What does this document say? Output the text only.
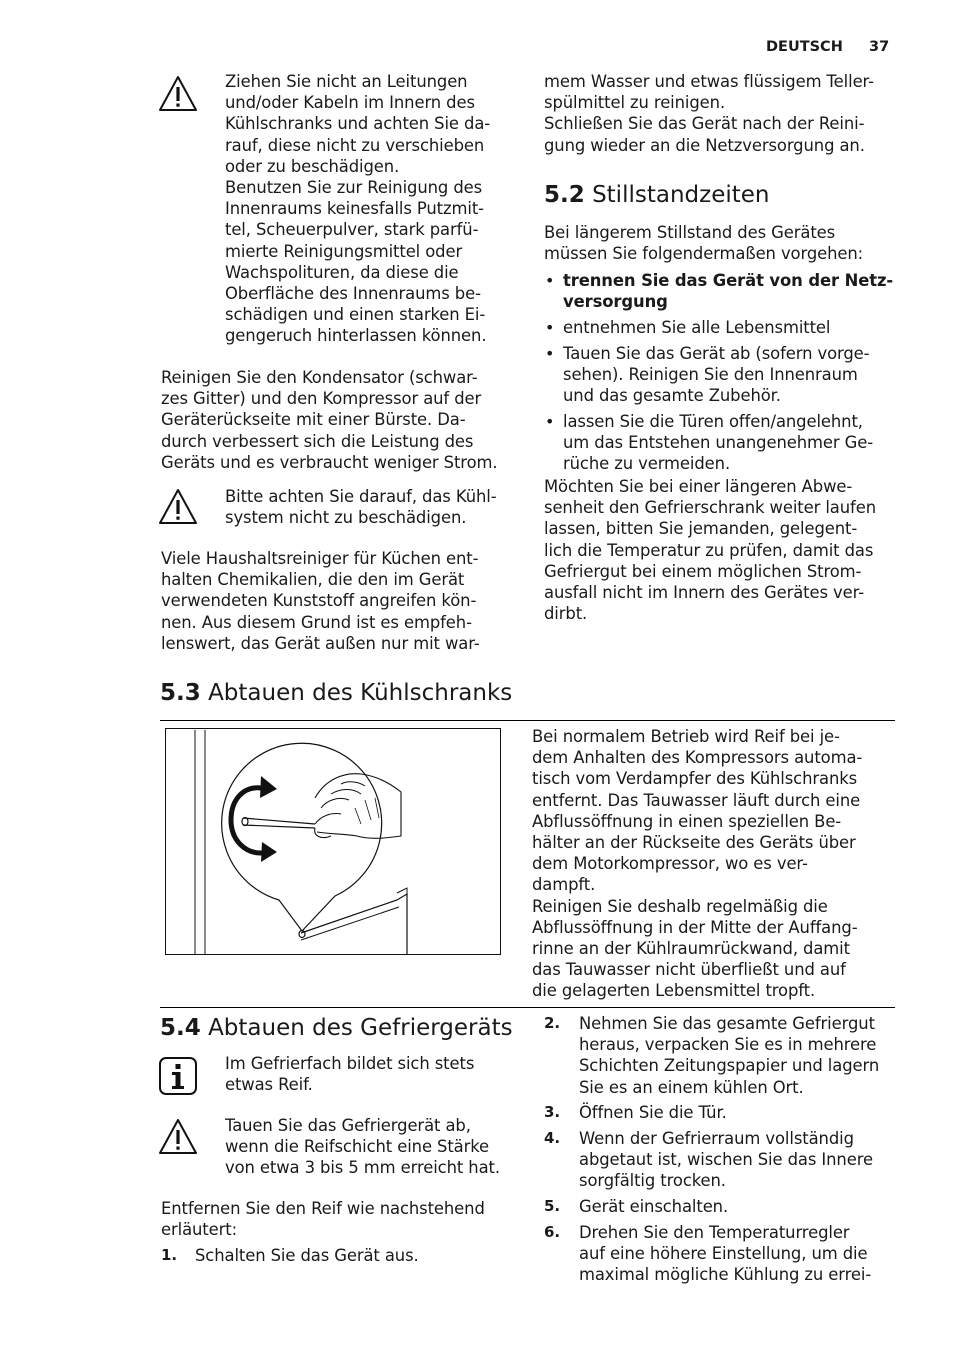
DEUTSCH 37
Ziehen Sie nicht an Leitungen
und/oder Kabeln im Innern des
Kühlschranks und achten Sie da-
rauf, diese nicht zu verschieben
oder zu beschädigen.
Benutzen Sie zur Reinigung des
Innenraums keinesfalls Putzmit-
tel, Scheuerpulver, stark parfü-
mierte Reinigungsmittel oder
Wachspolituren, da diese die
Oberfläche des Innenraums be-
schädigen und einen starken Ei-
gengeruch hinterlassen können.
Reinigen Sie den Kondensator (schwar-
zes Gitter) und den Kompressor auf der
Geräterückseite mit einer Bürste. Da-
durch verbessert sich die Leistung des
Geräts und es verbraucht weniger Strom.
Bitte achten Sie darauf, das Kühl-
system nicht zu beschädigen.
Viele Haushaltsreiniger für Küchen ent-
halten Chemikalien, die den im Gerät
verwendeten Kunststoff angreifen kön-
nen. Aus diesem Grund ist es empfeh-
lenswert, das Gerät außen nur mit war-
mem Wasser und etwas flüssigem Teller-
spülmittel zu reinigen.
Schließen Sie das Gerät nach der Reini-
gung wieder an die Netzversorgung an.
5.2 Stillstandzeiten
Bei längerem Stillstand des Gerätes
müssen Sie folgendermaßen vorgehen:
• trennen Sie das Gerät von der Netz-
versorgung
• entnehmen Sie alle Lebensmittel
• Tauen Sie das Gerät ab (sofern vorge-
sehen). Reinigen Sie den Innenraum
und das gesamte Zubehör.
• lassen Sie die Türen offen/angelehnt,
um das Entstehen unangenehmer Ge-
rüche zu vermeiden.
Möchten Sie bei einer längeren Abwe-
senheit den Gefrierschrank weiter laufen
lassen, bitten Sie jemanden, gelegent-
lich die Temperatur zu prüfen, damit das
Gefriergut bei einem möglichen Strom-
ausfall nicht im Innern des Gerätes ver-
dirbt.
5.3 Abtauen des Kühlschranks
Bei normalem Betrieb wird Reif bei je-
dem Anhalten des Kompressors automa-
tisch vom Verdampfer des Kühlschranks
entfernt. Das Tauwasser läuft durch eine
Abflussöffnung in einen speziellen Be-
hälter an der Rückseite des Geräts über
dem Motorkompressor, wo es ver-
dampft.
Reinigen Sie deshalb regelmäßig die
Abflussöffnung in der Mitte der Auffang-
rinne an der Kühlraumrückwand, damit
das Tauwasser nicht überfließt und auf
die gelagerten Lebensmittel tropft.
5.4 Abtauen des Gefriergeräts
Im Gefrierfach bildet sich stets
etwas Reif.
Tauen Sie das Gefriergerät ab,
wenn die Reifschicht eine Stärke
von etwa 3 bis 5 mm erreicht hat.
Entfernen Sie den Reif wie nachstehend
erläutert:
1.	Schalten Sie das Gerät aus.
2. Nehmen Sie das gesamte Gefriergut
heraus, verpacken Sie es in mehrere
Schichten Zeitungspapier und lagern
Sie es an einem kühlen Ort.
3. Öffnen Sie die Tür.
4. Wenn der Gefrierraum vollständig
abgetaut ist, wischen Sie das Innere
sorgfältig trocken.
5. Gerät einschalten.
6. Drehen Sie den Temperaturregler
auf eine höhere Einstellung, um die
maximal mögliche Kühlung zu errei-
